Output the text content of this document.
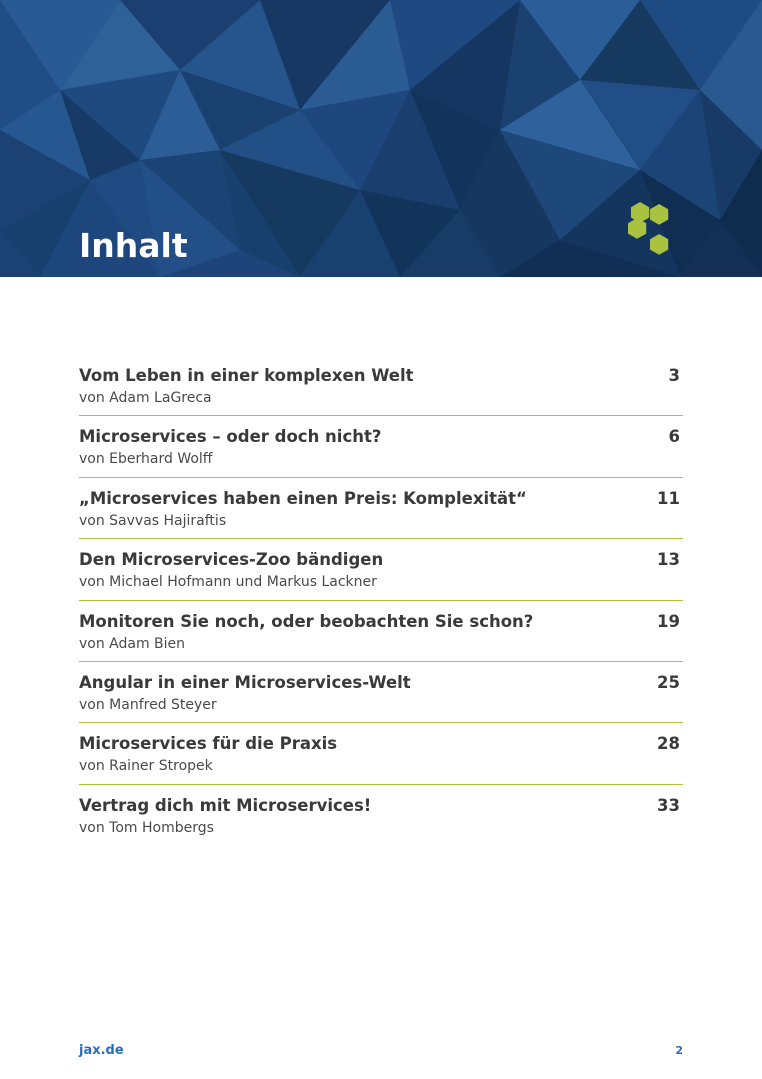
Inhalt
Vom Leben in einer komplexen Welt
von Adam LaGreca
3
Microservices – oder doch nicht?
von Eberhard Wolff
6
„Microservices haben einen Preis: Komplexität“
von Savvas Hajiraftis
11
Den Microservices-Zoo bändigen
von Michael Hofmann und Markus Lackner
13
Monitoren Sie noch, oder beobachten Sie schon?
von Adam Bien
19
Angular in einer Microservices-Welt
von Manfred Steyer
25
Microservices für die Praxis
von Rainer Stropek
28
Vertrag dich mit Microservices!
von Tom Hombergs
33
jax.de	2
